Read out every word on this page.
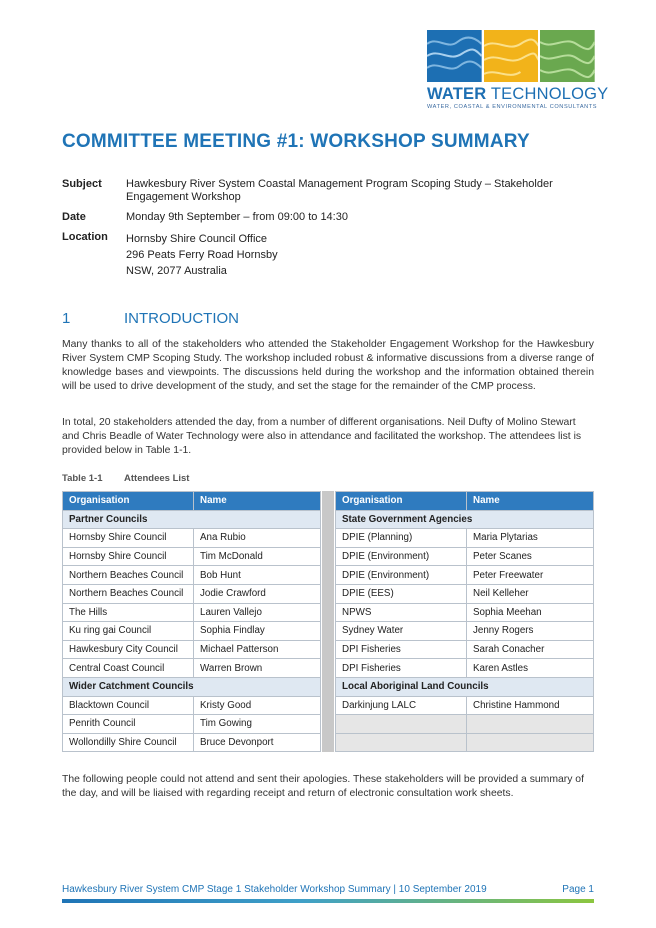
WATER TECHNOLOGY
WATER, COASTAL & ENVIRONMENTAL CONSULTANTS
COMMITTEE MEETING #1: WORKSHOP SUMMARY
Subject	Hawkesbury River System Coastal Management Program Scoping Study – Stakeholder Engagement Workshop
Date	Monday 9th September – from 09:00 to 14:30
Location	Hornsby Shire Council Office
296 Peats Ferry Road Hornsby
NSW, 2077 Australia
1	INTRODUCTION

Many thanks to all of the stakeholders who attended the Stakeholder Engagement Workshop for the Hawkesbury River System CMP Scoping Study. The workshop included robust & informative discussions from a diverse range of knowledge bases and viewpoints. The discussions held during the workshop and the information obtained therein will be used to drive development of the study, and set the stage for the remainder of the CMP process.

In total, 20 stakeholders attended the day, from a number of different organisations. Neil Dufty of Molino Stewart and Chris Beadle of Water Technology were also in attendance and facilitated the workshop. The attendees list is provided below in Table 1-1.

Table 1-1	Attendees List
Organisation	Name
Partner Councils	
Hornsby Shire Council	Ana Rubio
Hornsby Shire Council	Tim McDonald
Northern Beaches Council	Bob Hunt
Northern Beaches Council	Jodie Crawford
The Hills	Lauren Vallejo
Ku ring gai Council	Sophia Findlay
Hawkesbury City Council	Michael Patterson
Central Coast Council	Warren Brown
Wider Catchment Councils	
Blacktown Council	Kristy Good
Penrith Council	Tim Gowing
Wollondilly Shire Council	Bruce Devonport
Organisation	Name
State Government Agencies	
DPIE (Planning)	Maria Plytarias
DPIE (Environment)	Peter Scanes
DPIE (Environment)	Peter Freewater
DPIE (EES)	Neil Kelleher
NPWS	Sophia Meehan
Sydney Water	Jenny Rogers
DPI Fisheries	Sarah Conacher
DPI Fisheries	Karen Astles
Local Aboriginal Land Councils	
Darkinjung LALC	Christine Hammond

The following people could not attend and sent their apologies. These stakeholders will be provided a summary of the day, and will be liaised with regarding receipt and return of electronic consultation work sheets.

Hawkesbury River System CMP Stage 1 Stakeholder Workshop Summary | 10 September 2019	Page 1
